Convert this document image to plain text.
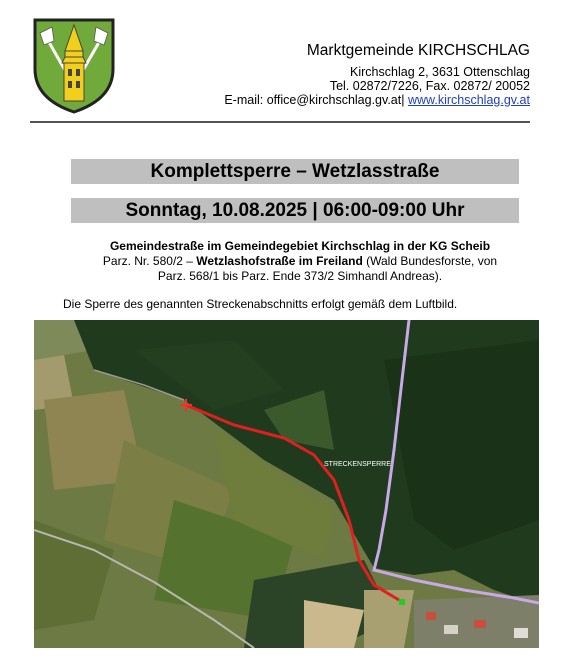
Marktgemeinde KIRCHSCHLAG
Kirchschlag 2, 3631 Ottenschlag
Tel. 02872/7226, Fax. 02872/ 20052
E-mail: office@kirchschlag.gv.at| www.kirchschlag.gv.at
Komplettsperre – Wetzlasstraße
Sonntag, 10.08.2025 | 06:00-09:00 Uhr
Gemeindestraße im Gemeindegebiet Kirchschlag in der KG Scheib
Parz. Nr. 580/2 – Wetzlashofstraße im Freiland (Wald Bundesforste, von
Parz. 568/1 bis Parz. Ende 373/2 Simhandl Andreas).
Die Sperre des genannten Streckenabschnitts erfolgt gemäß dem Luftbild.
STRECKENSPERRE
